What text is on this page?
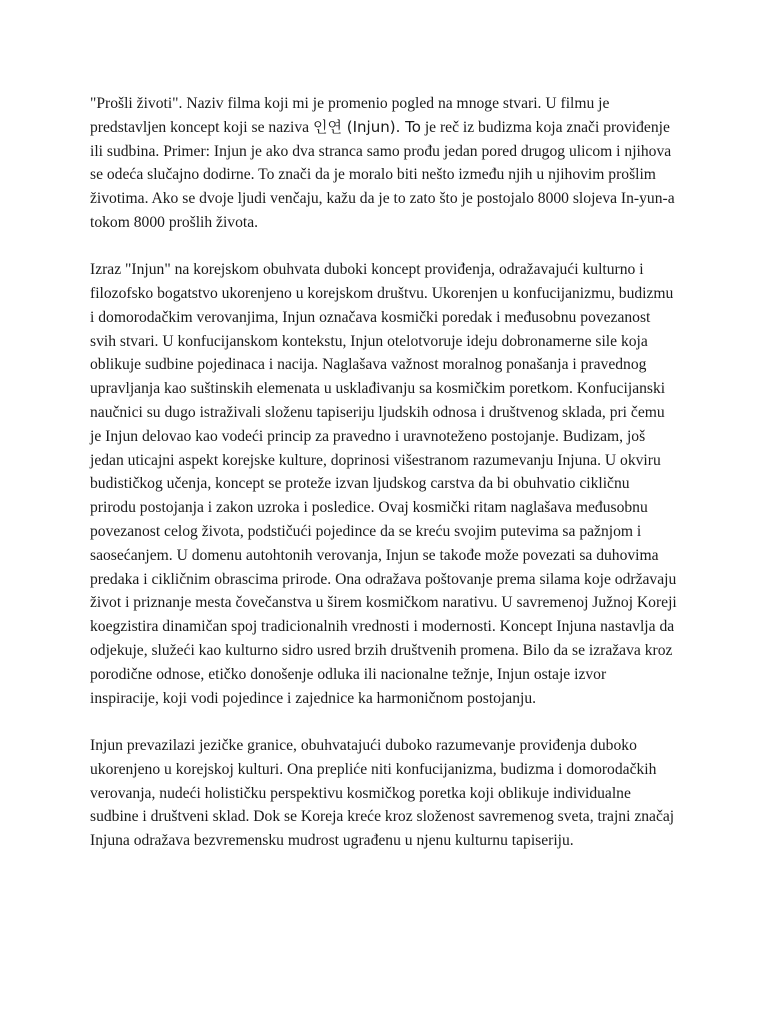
"Prošli životi". Naziv filma koji mi je promenio pogled na mnoge stvari. U filmu je predstavljen koncept koji se naziva 인연 (Injun). To je reč iz budizma koja znači proviđenje ili sudbina. Primer: Injun je ako dva stranca samo prođu jedan pored drugog ulicom i njihova se odeća slučajno dodirne. To znači da je moralo biti nešto između njih u njihovim prošlim životima. Ako se dvoje ljudi venčaju, kažu da je to zato što je postojalo 8000 slojeva In-yun-a tokom 8000 prošlih života.

Izraz "Injun" na korejskom obuhvata duboki koncept proviđenja, odražavajući kulturno i filozofsko bogatstvo ukorenjeno u korejskom društvu. Ukorenjen u konfucijanizmu, budizmu i domorodačkim verovanjima, Injun označava kosmički poredak i međusobnu povezanost svih stvari. U konfucijanskom kontekstu, Injun otelotvoruje ideju dobronamerne sile koja oblikuje sudbine pojedinaca i nacija. Naglašava važnost moralnog ponašanja i pravednog upravljanja kao suštinskih elemenata u usklađivanju sa kosmičkim poretkom. Konfucijanski naučnici su dugo istraživali složenu tapiseriju ljudskih odnosa i društvenog sklada, pri čemu je Injun delovao kao vodeći princip za pravedno i uravnoteženo postojanje. Budizam, još jedan uticajni aspekt korejske kulture, doprinosi višestranom razumevanju Injuna. U okviru budističkog učenja, koncept se proteže izvan ljudskog carstva da bi obuhvatio cikličnu prirodu postojanja i zakon uzroka i posledice. Ovaj kosmički ritam naglašava međusobnu povezanost celog života, podstičući pojedince da se kreću svojim putevima sa pažnjom i saosećanjem. U domenu autohtonih verovanja, Injun se takođe može povezati sa duhovima predaka i cikličnim obrascima prirode. Ona odražava poštovanje prema silama koje održavaju život i priznanje mesta čovečanstva u širem kosmičkom narativu. U savremenoj Južnoj Koreji koegzistira dinamičan spoj tradicionalnih vrednosti i modernosti. Koncept Injuna nastavlja da odjekuje, služeći kao kulturno sidro usred brzih društvenih promena. Bilo da se izražava kroz porodične odnose, etičko donošenje odluka ili nacionalne težnje, Injun ostaje izvor inspiracije, koji vodi pojedince i zajednice ka harmoničnom postojanju.

Injun prevazilazi jezičke granice, obuhvatajući duboko razumevanje proviđenja duboko ukorenjeno u korejskoj kulturi. Ona prepliće niti konfucijanizma, budizma i domorodačkih verovanja, nudeći holističku perspektivu kosmičkog poretka koji oblikuje individualne sudbine i društveni sklad. Dok se Koreja kreće kroz složenost savremenog sveta, trajni značaj Injuna odražava bezvremensku mudrost ugrađenu u njenu kulturnu tapiseriju.
